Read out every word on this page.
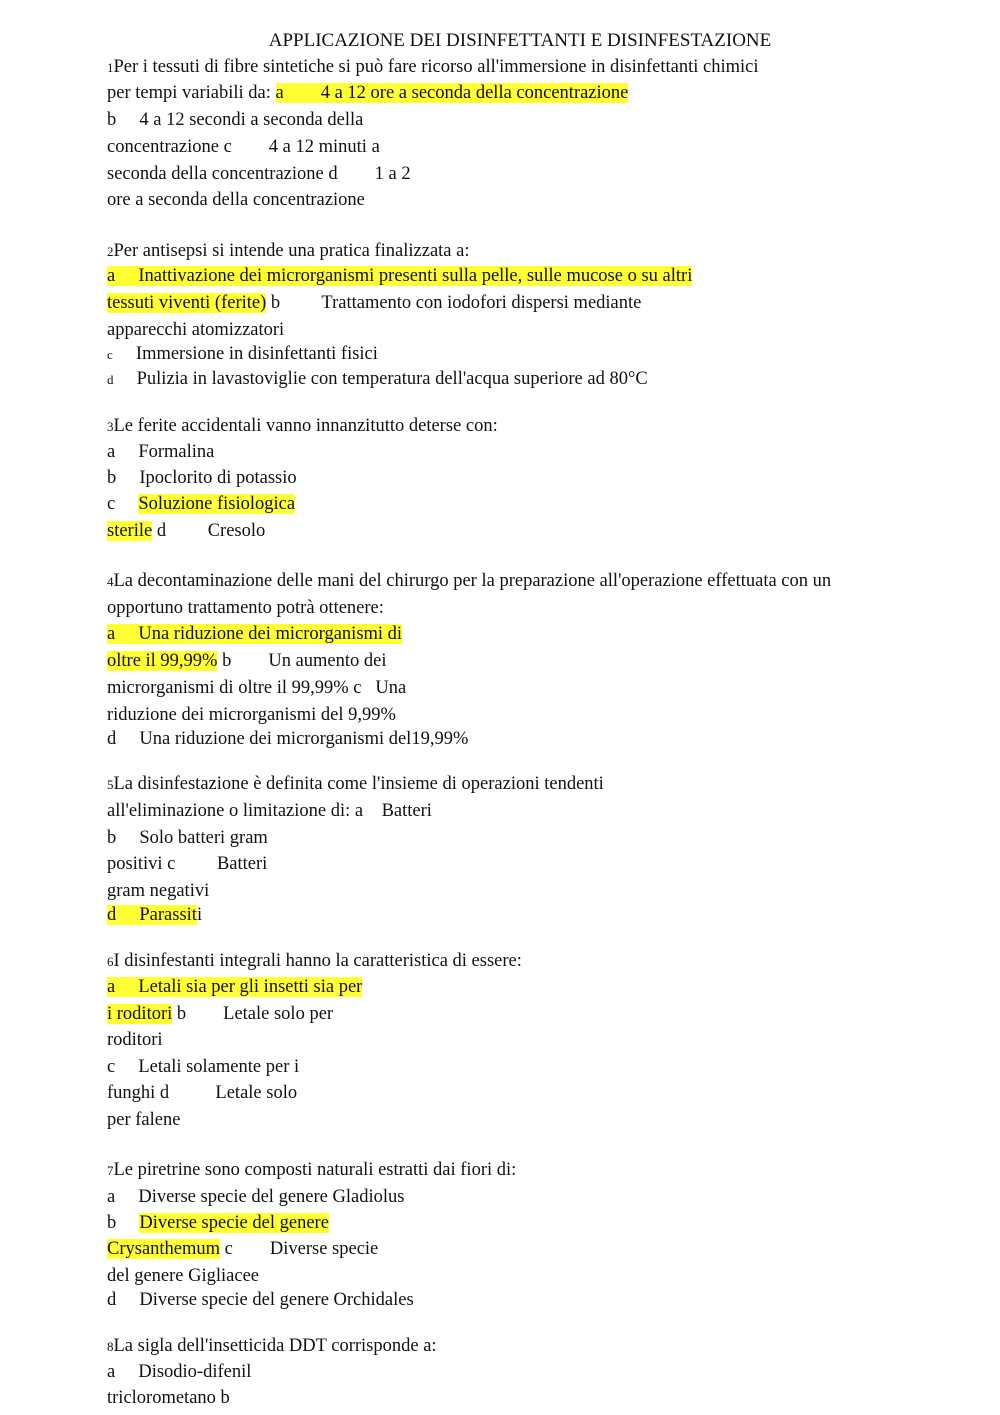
APPLICAZIONE DEI DISINFETTANTI E DISINFESTAZIONE
1Per i tessuti di fibre sintetiche si può fare ricorso all'immersione in disinfettanti chimici
per tempi variabili da: a        4 a 12 ore a seconda della concentrazione
b     4 a 12 secondi a seconda della
concentrazione c        4 a 12 minuti a
seconda della concentrazione d        1 a 2
ore a seconda della concentrazione
2Per antisepsi si intende una pratica finalizzata a:
a     Inattivazione dei microrganismi presenti sulla pelle, sulle mucose o su altri
tessuti viventi (ferite) b         Trattamento con iodofori dispersi mediante
apparecchi atomizzatori
c     Immersione in disinfettanti fisici
d     Pulizia in lavastoviglie con temperatura dell'acqua superiore ad 80°C
3Le ferite accidentali vanno innanzitutto deterse con:
a     Formalina
b     Ipoclorito di potassio
c     Soluzione fisiologica
sterile d         Cresolo
4La decontaminazione delle mani del chirurgo per la preparazione all'operazione effettuata con un
opportuno trattamento potrà ottenere:
a     Una riduzione dei microrganismi di
oltre il 99,99% b        Un aumento dei
microrganismi di oltre il 99,99% c   Una
riduzione dei microrganismi del 9,99%
d     Una riduzione dei microrganismi del19,99%
5La disinfestazione è definita come l'insieme di operazioni tendenti
all'eliminazione o limitazione di: a    Batteri
b     Solo batteri gram
positivi c         Batteri
gram negativi
d     Parassiti
6I disinfestanti integrali hanno la caratteristica di essere:
a     Letali sia per gli insetti sia per
i roditori b        Letale solo per
roditori
c     Letali solamente per i
funghi d          Letale solo
per falene
7Le piretrine sono composti naturali estratti dai fiori di:
a     Diverse specie del genere Gladiolus
b     Diverse specie del genere
Crysanthemum c        Diverse specie
del genere Gigliacee
d     Diverse specie del genere Orchidales
8La sigla dell'insetticida DDT corrisponde a:
a     Disodio-difenil
triclorometano b
